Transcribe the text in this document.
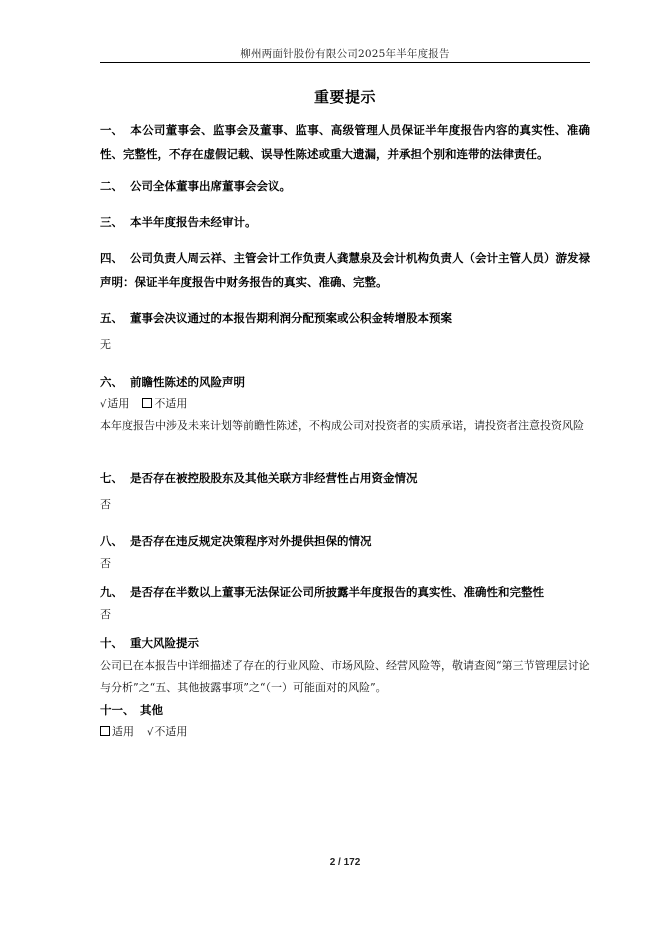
柳州两面针股份有限公司2025年半年度报告
重要提示

一、 本公司董事会、监事会及董事、监事、高级管理人员保证半年度报告内容的真实性、准确性、完整性，不存在虚假记载、误导性陈述或重大遗漏，并承担个别和连带的法律责任。

二、 公司全体董事出席董事会会议。

三、 本半年度报告未经审计。

四、 公司负责人周云祥、主管会计工作负责人龚慧泉及会计机构负责人（会计主管人员）游发禄声明：保证半年度报告中财务报告的真实、准确、完整。

五、 董事会决议通过的本报告期利润分配预案或公积金转增股本预案

无

六、 前瞻性陈述的风险声明

√适用 不适用

本年度报告中涉及未来计划等前瞻性陈述，不构成公司对投资者的实质承诺，请投资者注意投资风险

七、 是否存在被控股股东及其他关联方非经营性占用资金情况

否

八、 是否存在违反规定决策程序对外提供担保的情况

否

九、 是否存在半数以上董事无法保证公司所披露半年度报告的真实性、准确性和完整性

否

十、 重大风险提示

公司已在本报告中详细描述了存在的行业风险、市场风险、经营风险等，敬请查阅“第三节管理层讨论与分析”之“五、其他披露事项”之“（一）可能面对的风险”。

十一、 其他

适用 √不适用
2 / 172
